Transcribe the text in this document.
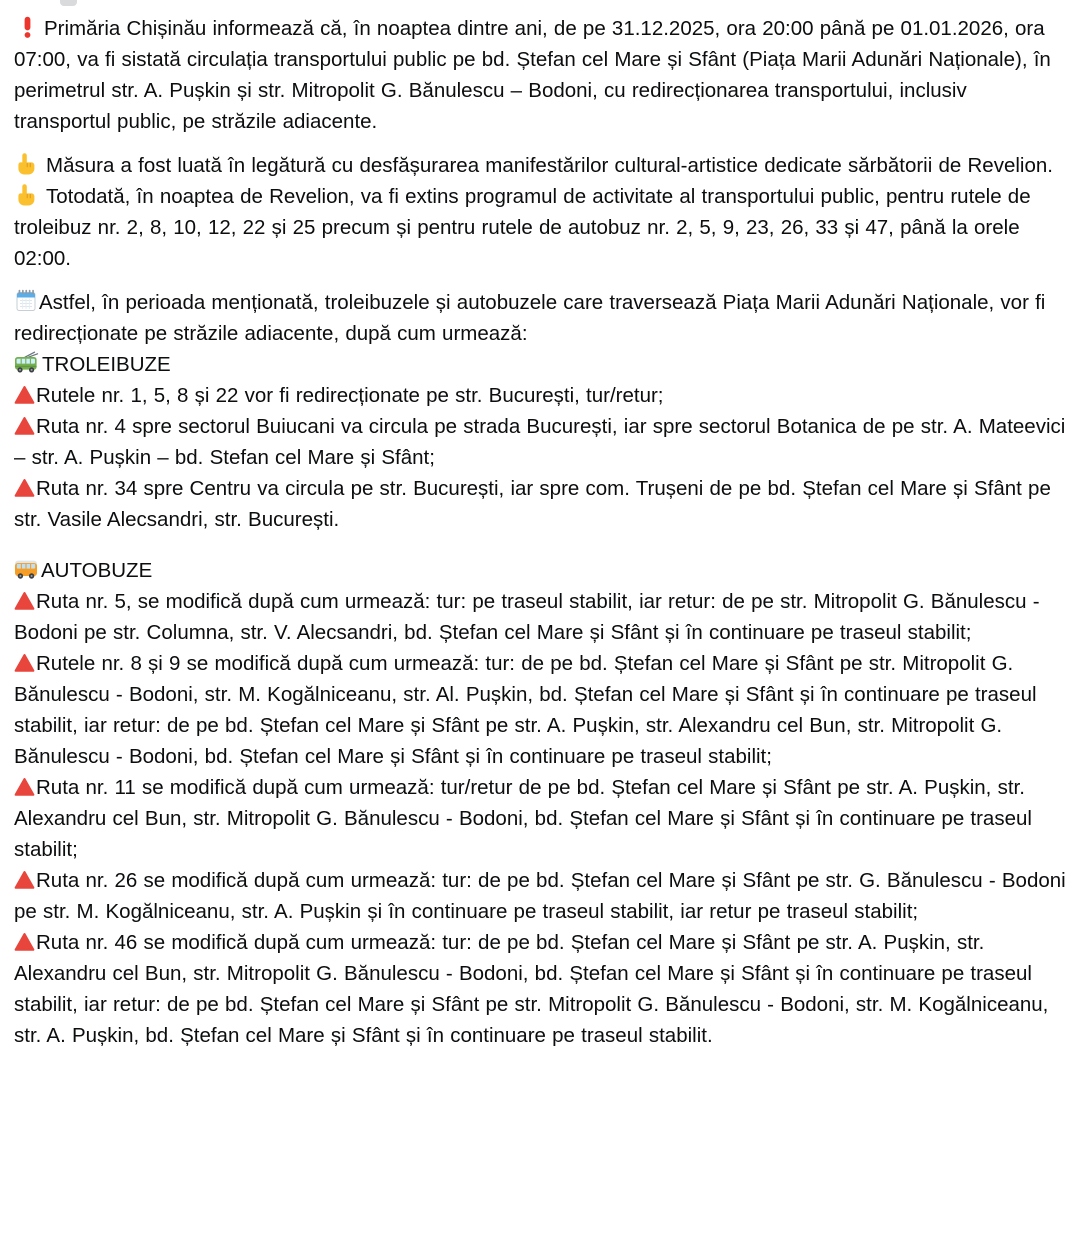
Primăria Chișinău informează că, în noaptea dintre ani, de pe 31.12.2025, ora 20:00 până pe 01.01.2026, ora 07:00, va fi sistată circulația transportului public pe bd. Ștefan cel Mare și Sfânt (Piața Marii Adunări Naționale), în perimetrul str. A. Pușkin și str. Mitropolit G. Bănulescu – Bodoni, cu redirecționarea transportului, inclusiv transportul public, pe străzile adiacente.

Măsura a fost luată în legătură cu desfășurarea manifestărilor cultural-artistice dedicate sărbătorii de Revelion.

Totodată, în noaptea de Revelion, va fi extins programul de activitate al transportului public, pentru rutele de troleibuz nr. 2, 8, 10, 12, 22 și 25 precum și pentru rutele de autobuz nr. 2, 5, 9, 23, 26, 33 și 47, până la orele 02:00.

Astfel, în perioada menționată, troleibuzele și autobuzele care traversează Piața Marii Adunări Naționale, vor fi redirecționate pe străzile adiacente, după cum urmează:

TROLEIBUZE

Rutele nr. 1, 5, 8 și 22 vor fi redirecționate pe str. București, tur/retur;

Ruta nr. 4 spre sectorul Buiucani va circula pe strada București, iar spre sectorul Botanica de pe str. A. Mateevici – str. A. Pușkin – bd. Stefan cel Mare și Sfânt;

Ruta nr. 34 spre Centru va circula pe str. București, iar spre com. Trușeni de pe bd. Ștefan cel Mare și Sfânt pe str. Vasile Alecsandri, str. București.

AUTOBUZE

Ruta nr. 5, se modifică după cum urmează: tur: pe traseul stabilit, iar retur: de pe str. Mitropolit G. Bănulescu - Bodoni pe str. Columna, str. V. Alecsandri, bd. Ștefan cel Mare și Sfânt și în continuare pe traseul stabilit;

Rutele nr. 8 și 9 se modifică după cum urmează: tur: de pe bd. Ștefan cel Mare și Sfânt pe str. Mitropolit G. Bănulescu - Bodoni, str. M. Kogălniceanu, str. Al. Pușkin, bd. Ștefan cel Mare și Sfânt și în continuare pe traseul stabilit, iar retur: de pe bd. Ștefan cel Mare și Sfânt pe str. A. Pușkin, str. Alexandru cel Bun, str. Mitropolit G. Bănulescu - Bodoni, bd. Ștefan cel Mare și Sfânt și în continuare pe traseul stabilit;

Ruta nr. 11 se modifică după cum urmează: tur/retur de pe bd. Ștefan cel Mare și Sfânt pe str. A. Pușkin, str. Alexandru cel Bun, str. Mitropolit G. Bănulescu - Bodoni, bd. Ștefan cel Mare și Sfânt și în continuare pe traseul stabilit;

Ruta nr. 26 se modifică după cum urmează: tur: de pe bd. Ștefan cel Mare și Sfânt pe str. G. Bănulescu - Bodoni pe str. M. Kogălniceanu, str. A. Pușkin și în continuare pe traseul stabilit, iar retur pe traseul stabilit;

Ruta nr. 46 se modifică după cum urmează: tur: de pe bd. Ștefan cel Mare și Sfânt pe str. A. Pușkin, str. Alexandru cel Bun, str. Mitropolit G. Bănulescu - Bodoni, bd. Ștefan cel Mare și Sfânt și în continuare pe traseul stabilit, iar retur: de pe bd. Ștefan cel Mare și Sfânt pe str. Mitropolit G. Bănulescu - Bodoni, str. M. Kogălniceanu, str. A. Pușkin, bd. Ștefan cel Mare și Sfânt și în continuare pe traseul stabilit.
